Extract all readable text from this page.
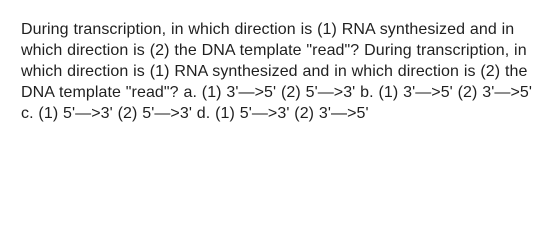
During transcription, in which direction is (1) RNA synthesized and in which direction is (2) the DNA template "read"? During transcription, in which direction is (1) RNA synthesized and in which direction is (2) the DNA template "read"? a. (1) 3'—>5' (2) 5'—>3' b. (1) 3'—>5' (2) 3'—>5' c. (1) 5'—>3' (2) 5'—>3' d. (1) 5'—>3' (2) 3'—>5'
